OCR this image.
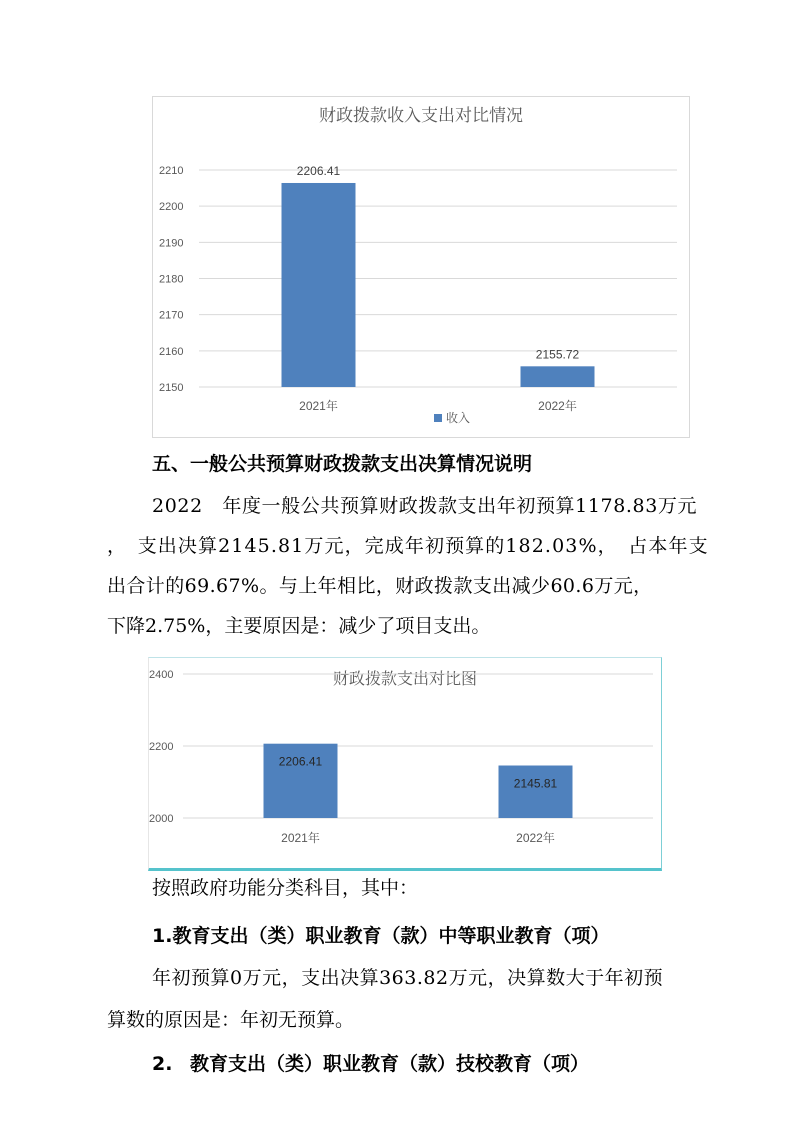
财政拨款收入支出对比情况
2150
2160
2170
2180
2190
2200
2210	2206.41
2021年
2155.72
2022年
收入
五、一般公共预算财政拨款支出决算情况说明
2022　年度一般公共预算财政拨款支出年初预算1178.83万元
，　支出决算2145.81万元，完成年初预算的182.03%，　占本年支
出合计的69.67%。与上年相比，财政拨款支出减少60.6万元，
下降2.75%，主要原因是：减少了项目支出。
财政拨款支出对比图
2000
2200
2400
2206.41
2021年
2145.81
2022年
按照政府功能分类科目，其中：
1.教育支出（类）职业教育（款）中等职业教育（项）
年初预算0万元，支出决算363.82万元，决算数大于年初预
算数的原因是：年初无预算。
2. 教育支出（类）职业教育（款）技校教育（项）
